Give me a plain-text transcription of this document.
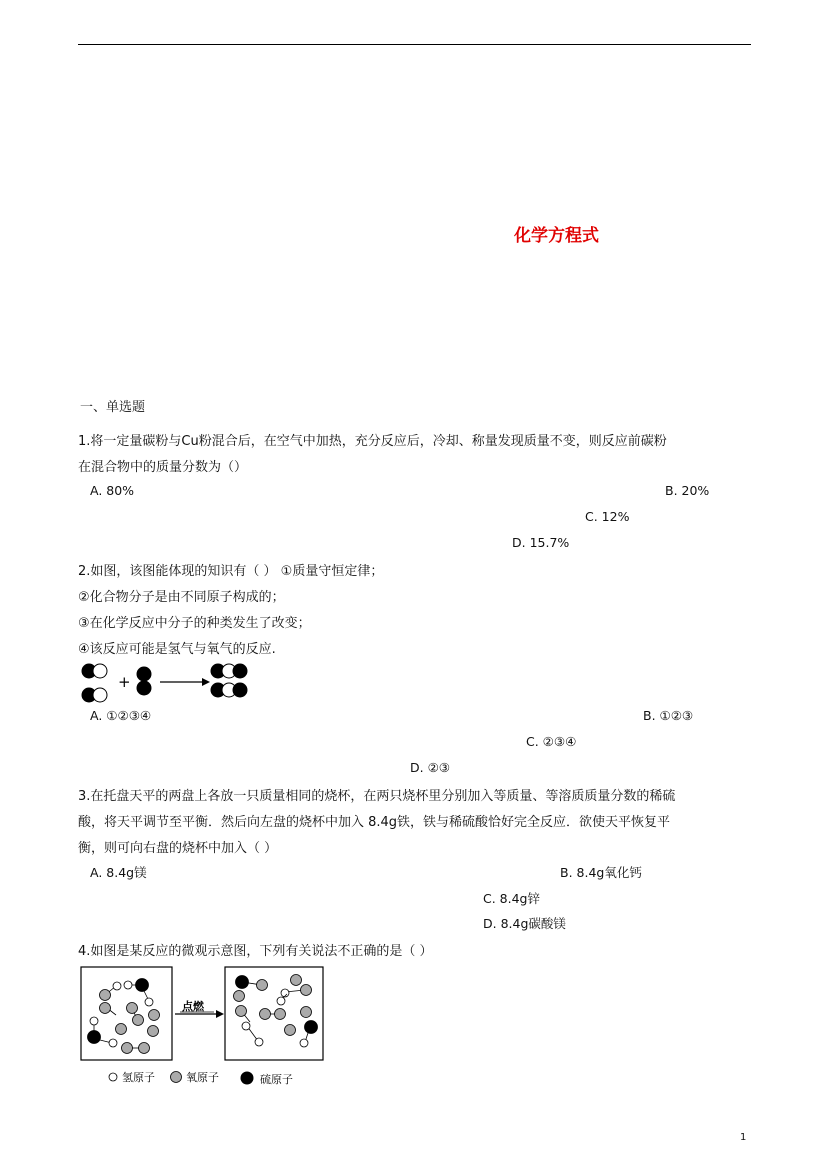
化学方程式
一、单选题
1.将一定量碳粉与Cu粉混合后，在空气中加热，充分反应后，冷却、称量发现质量不变，则反应前碳粉
在混合物中的质量分数为（）
A. 80%	B. 20%
C. 12%
D. 15.7%
2.如图，该图能体现的知识有（ ） ①质量守恒定律；
②化合物分子是由不同原子构成的；
③在化学反应中分子的种类发生了改变；
④该反应可能是氢气与氧气的反应.
+
A. ①②③④	B. ①②③
C. ②③④
D. ②③
3.在托盘天平的两盘上各放一只质量相同的烧杯，在两只烧杯里分别加入等质量、等溶质质量分数的稀硫
酸，将天平调节至平衡．然后向左盘的烧杯中加入 8.4g铁，铁与稀硫酸恰好完全反应．欲使天平恢复平
衡，则可向右盘的烧杯中加入（ ）
A. 8.4g镁	B. 8.4g氧化钙
C. 8.4g锌
D. 8.4g碳酸镁
4.如图是某反应的微观示意图，下列有关说法不正确的是（ ）
点燃
氢原子	氧原子	硫原子
1
